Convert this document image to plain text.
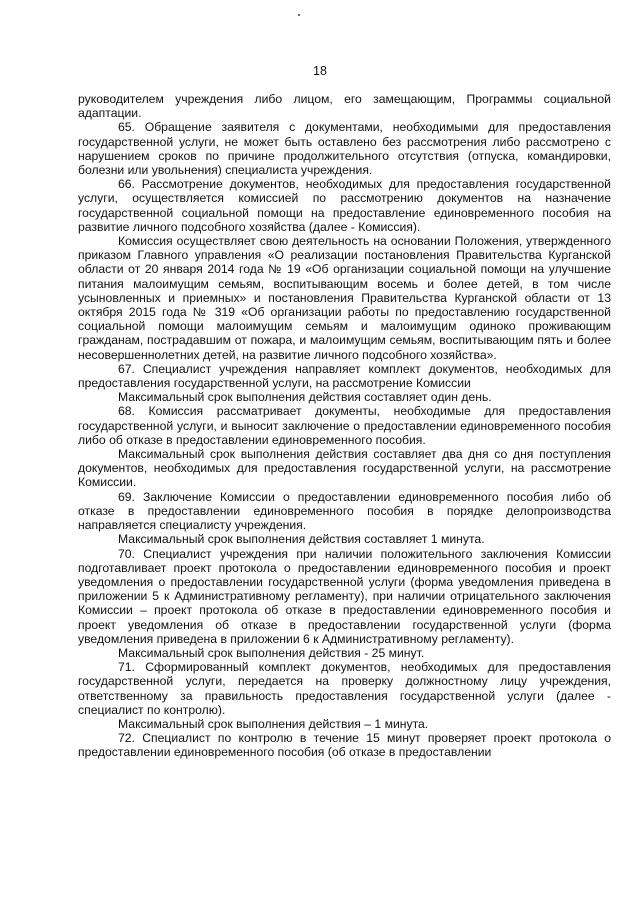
18

руководителем учреждения либо лицом, его замещающим, Программы социальной адаптации.

65. Обращение заявителя с документами, необходимыми для предоставления государственной услуги, не может быть оставлено без рассмотрения либо рассмотрено с нарушением сроков по причине продолжительного отсутствия (отпуска, командировки, болезни или увольнения) специалиста учреждения.

66. Рассмотрение документов, необходимых для предоставления государственной услуги, осуществляется комиссией по рассмотрению документов на назначение государственной социальной помощи на предоставление единовременного пособия на развитие личного подсобного хозяйства (далее - Комиссия).

Комиссия осуществляет свою деятельность на основании Положения, утвержденного приказом Главного управления «О реализации постановления Правительства Курганской области от 20 января 2014 года № 19 «Об организации социальной помощи на улучшение питания малоимущим семьям, воспитывающим восемь и более детей, в том числе усыновленных и приемных» и постановления Правительства Курганской области от 13 октября 2015 года № 319 «Об организации работы по предоставлению государственной социальной помощи малоимущим семьям и малоимущим одиноко проживающим гражданам, пострадавшим от пожара, и малоимущим семьям, воспитывающим пять и более несовершеннолетних детей, на развитие личного подсобного хозяйства».

67. Специалист учреждения направляет комплект документов, необходимых для предоставления государственной услуги, на рассмотрение Комиссии

Максимальный срок выполнения действия составляет один день.

68. Комиссия рассматривает документы, необходимые для предоставления государственной услуги, и выносит заключение о предоставлении единовременного пособия либо об отказе в предоставлении единовременного пособия.

Максимальный срок выполнения действия составляет два дня со дня поступления документов, необходимых для предоставления государственной услуги, на рассмотрение Комиссии.

69. Заключение Комиссии о предоставлении единовременного пособия либо об отказе в предоставлении единовременного пособия в порядке делопроизводства направляется специалисту учреждения.

Максимальный срок выполнения действия составляет 1 минута.

70. Специалист учреждения при наличии положительного заключения Комиссии подготавливает проект протокола о предоставлении единовременного пособия и проект уведомления о предоставлении государственной услуги (форма уведомления приведена в приложении 5 к Административному регламенту), при наличии отрицательного заключения Комиссии – проект протокола об отказе в предоставлении единовременного пособия и проект уведомления об отказе в предоставлении государственной услуги (форма уведомления приведена в приложении 6 к Административному регламенту).

Максимальный срок выполнения действия - 25 минут.

71. Сформированный комплект документов, необходимых для предоставления государственной услуги, передается на проверку должностному лицу учреждения, ответственному за правильность предоставления государственной услуги (далее - специалист по контролю).

Максимальный срок выполнения действия – 1 минута.

72. Специалист по контролю в течение 15 минут проверяет проект протокола о предоставлении единовременного пособия (об отказе в предоставлении
